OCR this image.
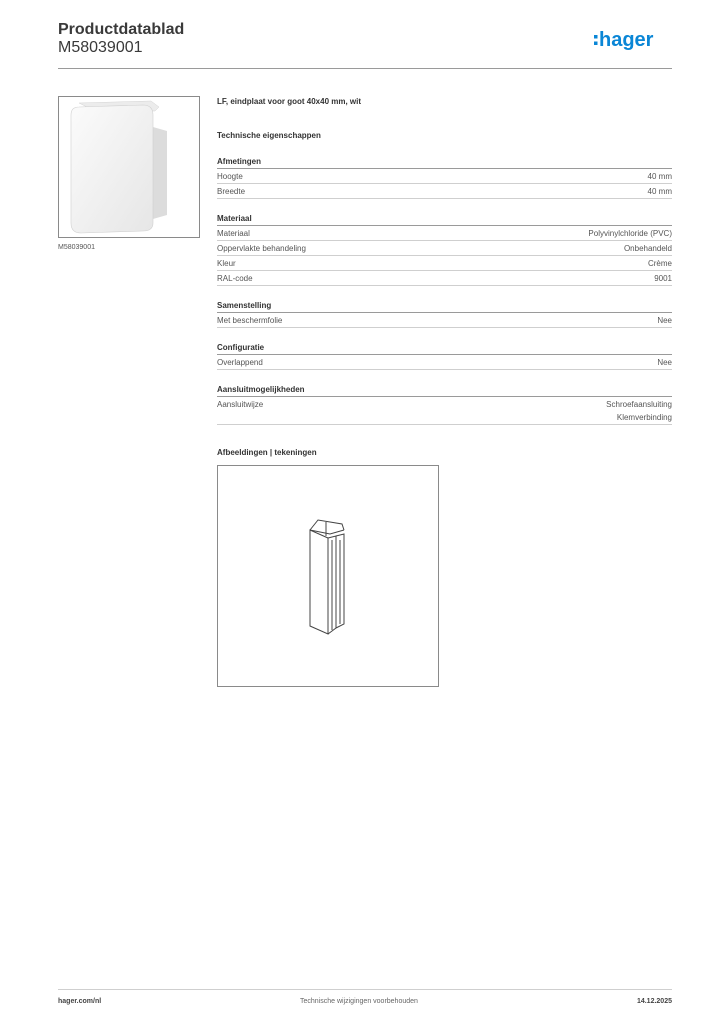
Productdatablad
M58039001	hager
M58039001
LF, eindplaat voor goot 40x40 mm, wit
Technische eigenschappen
Afmetingen
Hoogte	40 mm
Breedte	40 mm
Materiaal
Materiaal	Polyvinylchloride (PVC)
Oppervlakte behandeling	Onbehandeld
Kleur	Crème
RAL-code	9001
Samenstelling
Met beschermfolie	Nee
Configuratie
Overlappend	Nee
Aansluitmogelijkheden
Aansluitwijze	Schroefaansluiting
Klemverbinding
Afbeeldingen | tekeningen
hager.com/nl	Technische wijzigingen voorbehouden	14.12.2025
